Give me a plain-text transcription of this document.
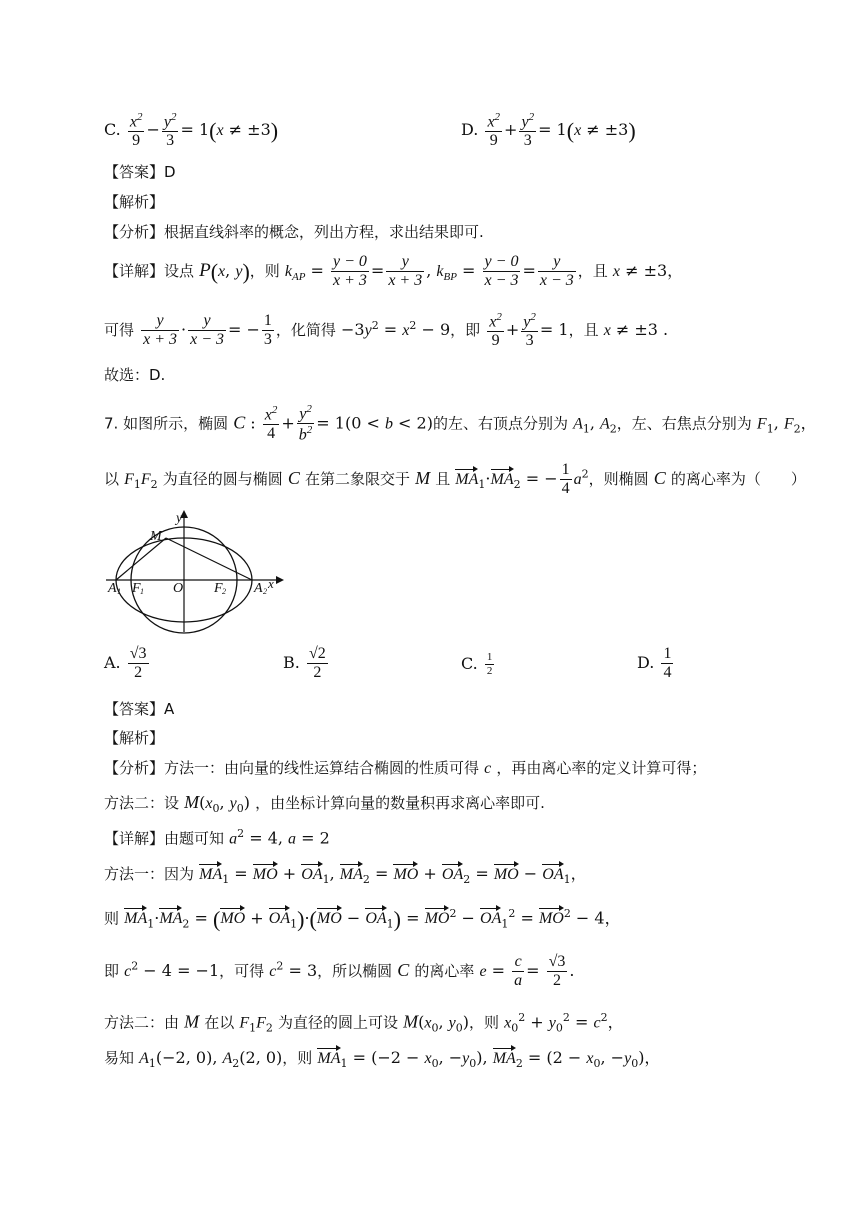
C. $\frac{x^2}{9} - \frac{y^2}{3} = 1(x \ne \pm 3)$	D. $\frac{x^2}{9} + \frac{y^2}{3} = 1(x \ne \pm 3)$
【答案】D
【解析】
【分析】根据直线斜率的概念，列出方程，求出结果即可.
【详解】设点 P(x, y)，则 $k_{AP} = \frac{y - 0}{x + 3} = \frac{y}{x + 3}$ , $k_{BP} = \frac{y - 0}{x - 3} = \frac{y}{x - 3}$ ，且 x ≠ ±3，
可得 $\frac{y}{x + 3} \cdot \frac{y}{x - 3}$ = − $\frac{1}{3}$ ，化简得 $-3y^2 = x^2 - 9$，即 $\frac{x^2}{9} + \frac{y^2}{3} = 1$，且 x ≠ ±3 .
故选：D.
7. 如图所示，椭圆 C : $\frac{x^2}{4} + \frac{y^2}{b^2} = 1(0 < b < 2)$的左、右顶点分别为 $A_1$, $A_2$，左、右焦点分别为 $F_1$, $F_2$，
以 $F_1F_2$ 为直径的圆与椭圆 C 在第二象限交于 M 且 $MA_1\cdot MA_2$ = − $\frac{1}{4} a^2$，则椭圆 C 的离心率为（　　）
y
M
A 1 F 1 O F 2 A 2
x
A. $\frac{√3}{2}$	B. $\frac{√2}{2}$	C. $\frac{1}{2}$	D. $\frac{1}{4}$
【答案】A
【解析】
【分析】方法一：由向量的线性运算结合椭圆的性质可得 c ，再由离心率的定义计算可得；
方法二：设 $M(x_0$, $y_0$) ，由坐标计算向量的数量积再求离心率即可.
【详解】由题可知 $a^2 = 4$, a = 2
方法一：因为 $MA_1$ = MO + $OA_1$, $MA_2$ = MO + $OA_2$ = MO − $OA_1$，
则 $MA_1\cdot MA_2 = (MO + OA_1)\cdot(MO - OA_1) = MO^2 - OA_1^2 = MO^2 - 4$，
即 $c^2 - 4 = -1$，可得 $c^2 = 3$，所以椭圆 C 的离心率 $e = \frac{c}{a} = \frac{√3}{2}$ .
方法二：由 M 在以 $F_1F_2$ 为直径的圆上可设 $M(x_0$, $y_0$)，则 $x_0^2 + y_0^2 = c^2$，
易知 $A_1(-2$, 0), $A_2(2$, 0)，则 $MA_1 = (-2 - x_0$, $-y_0$), $MA_2 = (2 - x_0$, $-y_0$)，
